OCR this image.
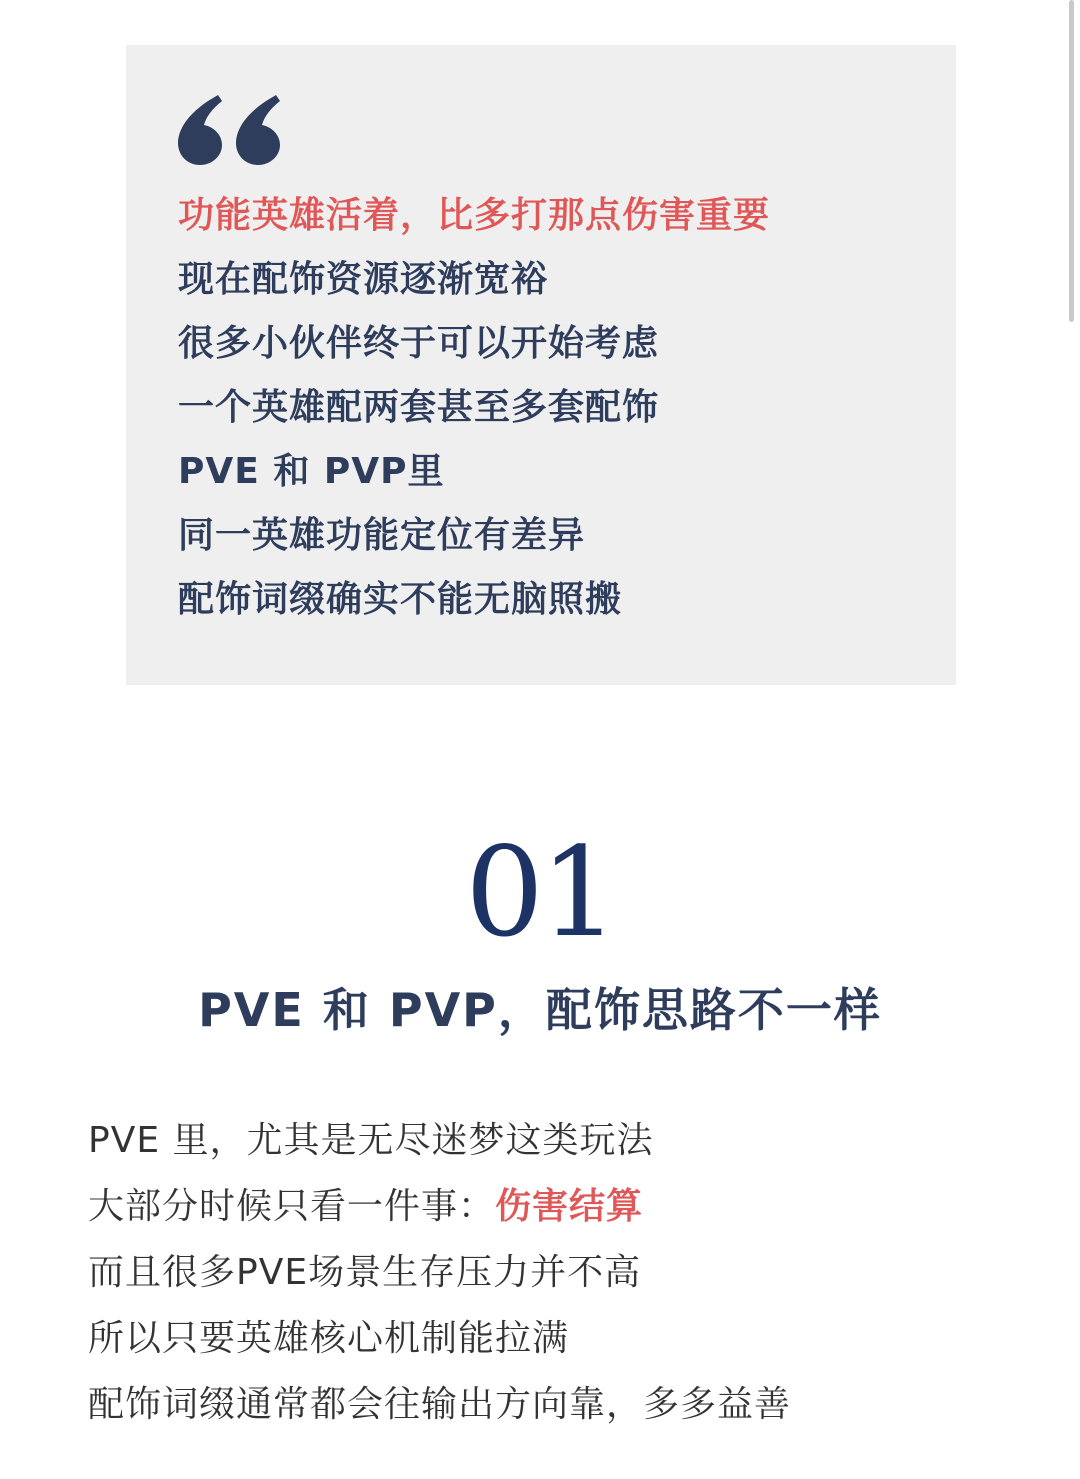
功能英雄活着，比多打那点伤害重要
现在配饰资源逐渐宽裕
很多小伙伴终于可以开始考虑
一个英雄配两套甚至多套配饰
PVE 和 PVP里
同一英雄功能定位有差异
配饰词缀确实不能无脑照搬
01
PVE 和 PVP，配饰思路不一样
PVE 里，尤其是无尽迷梦这类玩法
大部分时候只看一件事：伤害结算
而且很多PVE场景生存压力并不高
所以只要英雄核心机制能拉满
配饰词缀通常都会往输出方向靠，多多益善
